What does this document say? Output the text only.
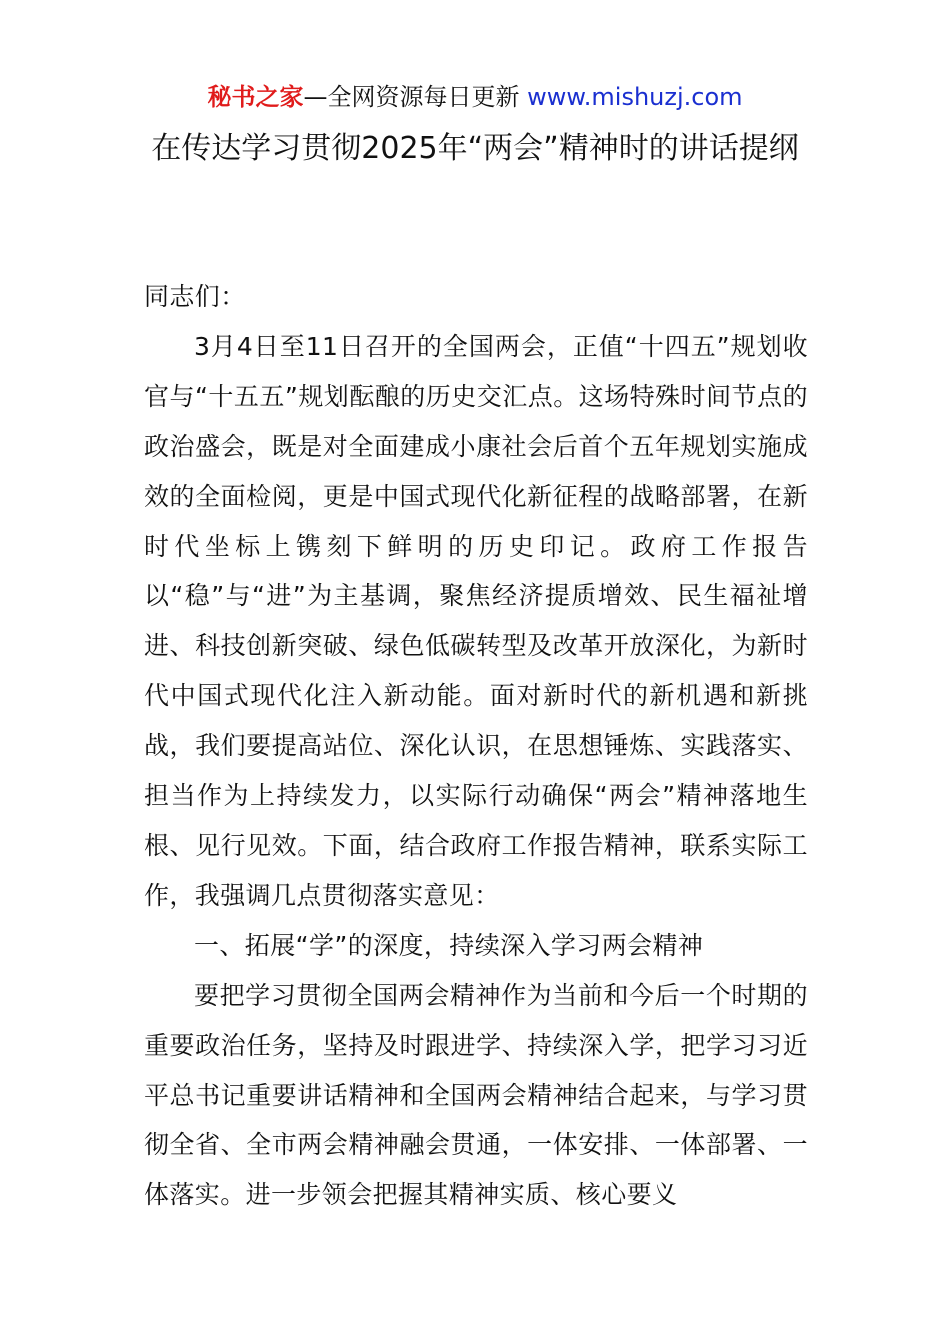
秘书之家—全网资源每日更新 www.mishuzj.com
在传达学习贯彻2025年“两会”精神时的讲话提纲

同志们：

3月4日至11日召开的全国两会，正值“十四五”规划收官与“十五五”规划酝酿的历史交汇点。这场特殊时间节点的政治盛会，既是对全面建成小康社会后首个五年规划实施成效的全面检阅，更是中国式现代化新征程的战略部署，在新时代坐标上镌刻下鲜明的历史印记。政府工作报告以“稳”与“进”为主基调，聚焦经济提质增效、民生福祉增进、科技创新突破、绿色低碳转型及改革开放深化，为新时代中国式现代化注入新动能。面对新时代的新机遇和新挑战，我们要提高站位、深化认识，在思想锤炼、实践落实、担当作为上持续发力，以实际行动确保“两会”精神落地生根、见行见效。下面，结合政府工作报告精神，联系实际工作，我强调几点贯彻落实意见：

一、拓展“学”的深度，持续深入学习两会精神

要把学习贯彻全国两会精神作为当前和今后一个时期的重要政治任务，坚持及时跟进学、持续深入学，把学习习近平总书记重要讲话精神和全国两会精神结合起来，与学习贯彻全省、全市两会精神融会贯通，一体安排、一体部署、一体落实。进一步领会把握其精神实质、核心要义
